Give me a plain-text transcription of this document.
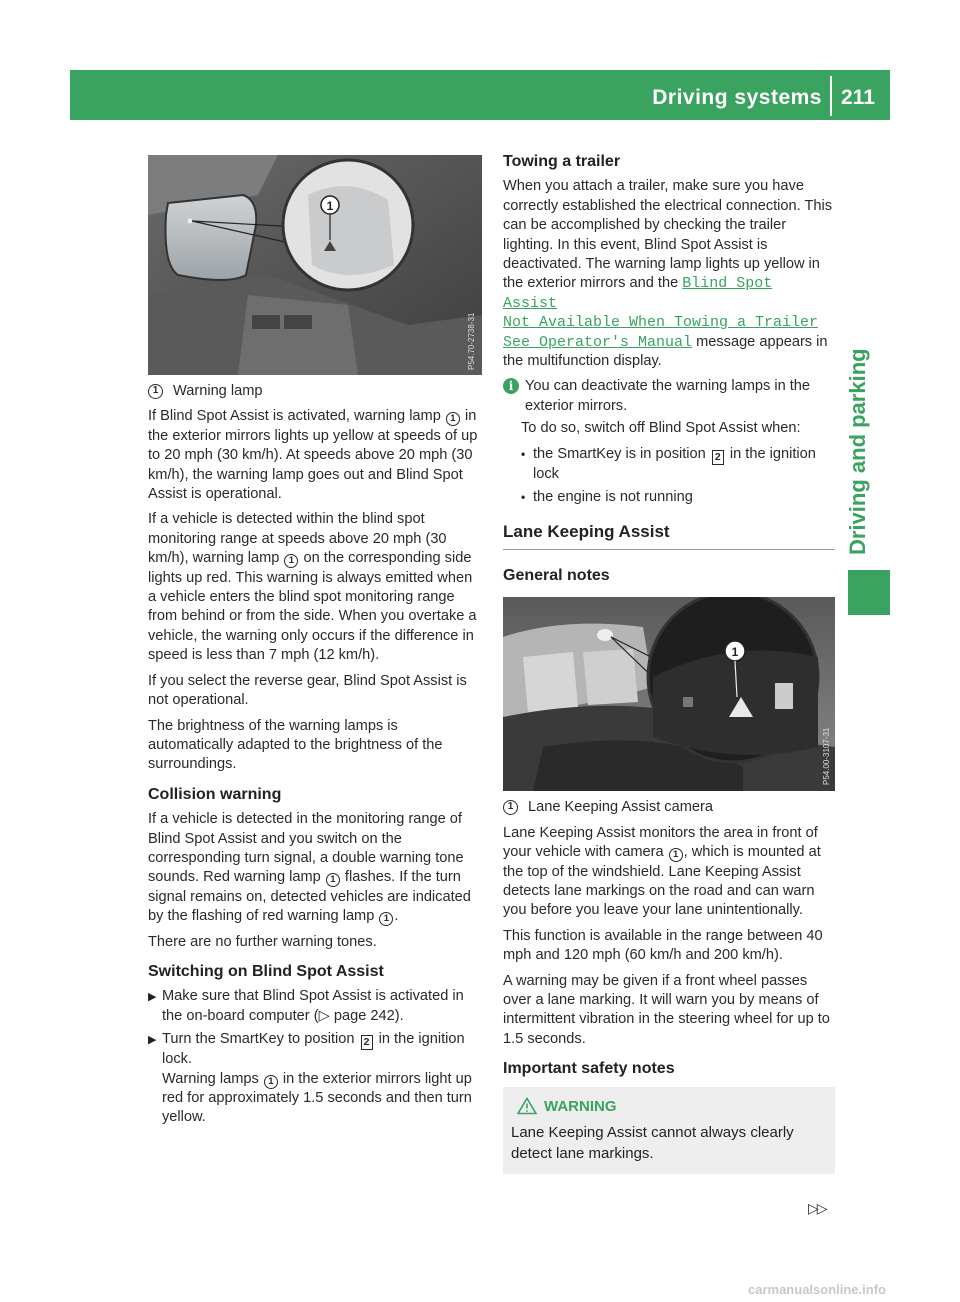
Driving systems 211
Driving and parking
1
P54.70-2738-31
1	Warning lamp

If Blind Spot Assist is activated, warning lamp 1 in the exterior mirrors lights up yellow at speeds of up to 20 mph (30 km/h). At speeds above 20 mph (30 km/h), the warning lamp goes out and Blind Spot Assist is operational.

If a vehicle is detected within the blind spot monitoring range at speeds above 20 mph (30 km/h), warning lamp 1 on the corresponding side lights up red. This warning is always emitted when a vehicle enters the blind spot monitoring range from behind or from the side. When you overtake a vehicle, the warning only occurs if the difference in speed is less than 7 mph (12 km/h).

If you select the reverse gear, Blind Spot Assist is not operational.

The brightness of the warning lamps is automatically adapted to the brightness of the surroundings.

Collision warning

If a vehicle is detected in the monitoring range of Blind Spot Assist and you switch on the corresponding turn signal, a double warning tone sounds. Red warning lamp 1 flashes. If the turn signal remains on, detected vehicles are indicated by the flashing of red warning lamp 1 .

There are no further warning tones.

Switching on Blind Spot Assist
▶ Make sure that Blind Spot Assist is activated in the on-board computer (▷ page 242).
▶ Turn the SmartKey to position 2 in the ignition lock.
Warning lamps 1 in the exterior mirrors light up red for approximately 1.5 seconds and then turn yellow.
Towing a trailer

When you attach a trailer, make sure you have correctly established the electrical connection. This can be accomplished by checking the trailer lighting. In this event, Blind Spot Assist is deactivated. The warning lamp lights up yellow in the exterior mirrors and the Blind Spot Assist
Not Available When Towing a Trailer
See Operator's Manual message appears in the multifunction display.

i You can deactivate the warning lamps in the exterior mirrors.

To do so, switch off Blind Spot Assist when:

• the SmartKey is in position 2 in the ignition lock
• the engine is not running
Lane Keeping Assist
General notes
1
P54.00-3107-31
1	Lane Keeping Assist camera

Lane Keeping Assist monitors the area in front of your vehicle with camera 1 , which is mounted at the top of the windshield. Lane Keeping Assist detects lane markings on the road and can warn you before you leave your lane unintentionally.

This function is available in the range between 40 mph and 120 mph (60 km/h and 200 km/h).

A warning may be given if a front wheel passes over a lane marking. It will warn you by means of intermittent vibration in the steering wheel for up to 1.5 seconds.

Important safety notes
WARNING
Lane Keeping Assist cannot always clearly detect lane markings.
▷▷
carmanualsonline.info
